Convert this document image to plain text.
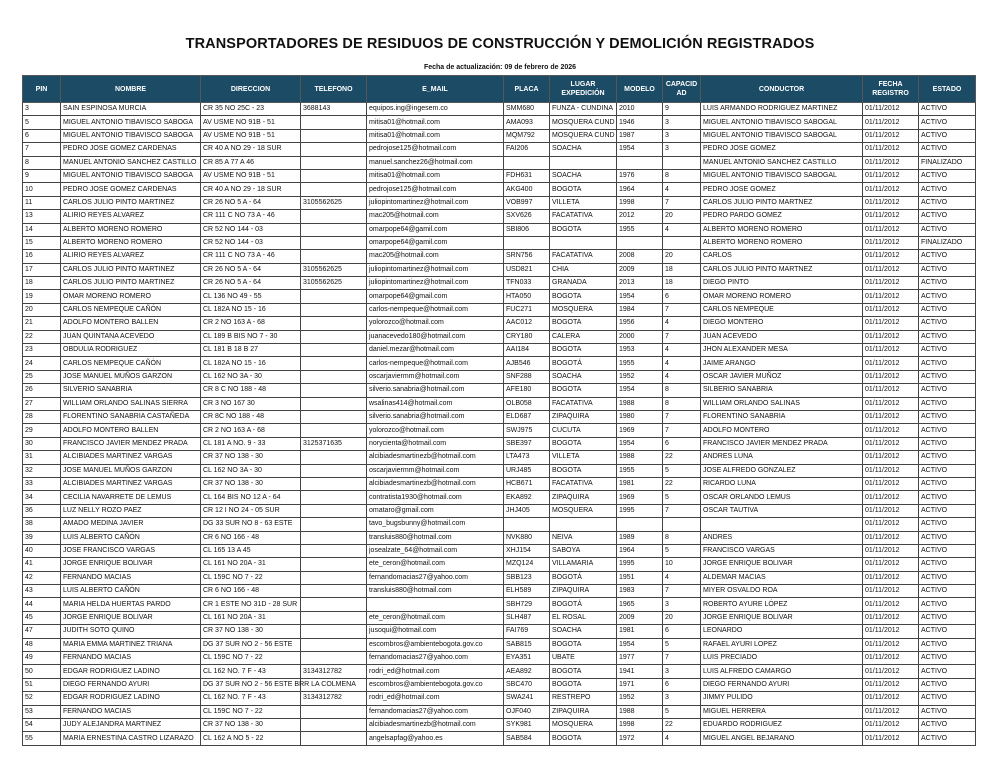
TRANSPORTADORES DE RESIDUOS DE CONSTRUCCIÓN Y DEMOLICIÓN REGISTRADOS
Fecha de actualización: 09 de febrero de 2026
PIN	NOMBRE	DIRECCION	TELEFONO	E_MAIL	PLACA	LUGAR EXPEDICIÓN	MODELO	CAPACID AD	CONDUCTOR	FECHA REGISTRO	ESTADO
3	SAIN ESPINOSA MURCIA	CR 35 NO 25C - 23	3688143	equipos.ing@ingesem.co	SMM680	FUNZA - CUNDINA	2010	9	LUIS ARMANDO RODRIGUEZ MARTINEZ	01/11/2012	ACTIVO
5	MIGUEL ANTONIO TIBAVISCO SABOGA	AV USME NO 91B - 51		mitisa01@hotmail.com	AMA093	MOSQUERA CUND	1946	3	MIGUEL ANTONIO TIBAVISCO SABOGAL	01/11/2012	ACTIVO
6	MIGUEL ANTONIO TIBAVISCO SABOGA	AV USME NO 91B - 51		mitisa01@hotmail.com	MQM792	MOSQUERA CUND	1987	3	MIGUEL ANTONIO TIBAVISCO SABOGAL	01/11/2012	ACTIVO
7	PEDRO JOSE GOMEZ CARDENAS	CR 40 A NO 29 - 18 SUR		pedrojose125@hotmail.com	FAI206	SOACHA	1954	3	PEDRO JOSE GOMEZ	01/11/2012	ACTIVO
8	MANUEL ANTONIO SANCHEZ CASTILLO	CR 85 A 77 A 46		manuel.sanchez26@hotmail.com					MANUEL ANTONIO SANCHEZ CASTILLO	01/11/2012	FINALIZADO
9	MIGUEL ANTONIO TIBAVISCO SABOGA	AV USME NO 91B - 51		mitisa01@hotmail.com	FDH631	SOACHA	1976	8	MIGUEL ANTONIO TIBAVISCO SABOGAL	01/11/2012	ACTIVO
10	PEDRO JOSE GOMEZ CARDENAS	CR 40 A NO 29 - 18 SUR		pedrojose125@hotmail.com	AKG400	BOGOTA	1964	4	PEDRO JOSE GOMEZ	01/11/2012	ACTIVO
11	CARLOS JULIO PINTO MARTINEZ	CR 26 NO 5 A - 64	3105562625	juliopintomartinez@hotmail.com	VOB997	VILLETA	1998	7	CARLOS JULIO PINTO MARTNEZ	01/11/2012	ACTIVO
13	ALIRIO REYES ALVAREZ	CR 111 C NO 73 A - 46		mac205@hotmail.com	SXV626	FACATATIVA	2012	20	PEDRO PARDO GOMEZ	01/11/2012	ACTIVO
14	ALBERTO MORENO ROMERO	CR 52 NO 144 - 03		omarpope64@gamil.com	SBI806	BOGOTA	1955	4	ALBERTO MORENO ROMERO	01/11/2012	ACTIVO
15	ALBERTO MORENO ROMERO	CR 52 NO 144 - 03		omarpope64@gamil.com					ALBERTO MORENO ROMERO	01/11/2012	FINALIZADO
16	ALIRIO REYES ALVAREZ	CR 111 C NO 73 A - 46		mac205@hotmail.com	SRN756	FACATATIVA	2008	20	CARLOS	01/11/2012	ACTIVO
17	CARLOS JULIO PINTO MARTINEZ	CR 26 NO 5 A - 64	3105562625	juliopintomartinez@hotmail.com	USD821	CHIA	2009	18	CARLOS JULIO PINTO MARTNEZ	01/11/2012	ACTIVO
18	CARLOS JULIO PINTO MARTINEZ	CR 26 NO 5 A - 64	3105562625	juliopintomartinez@hotmail.com	TFN033	GRANADA	2013	18	DIEGO PINTO	01/11/2012	ACTIVO
19	OMAR MORENO ROMERO	CL 136 NO 49 - 55		omarpope64@gmail.com	HTA050	BOGOTA	1954	6	OMAR MORENO ROMERO	01/11/2012	ACTIVO
20	CARLOS NEMPEQUE CAÑÓN	CL 182A NO 15 - 16		carlos-nempeque@hotmail.com	FUC271	MOSQUERA	1984	7	CARLOS NEMPEQUE	01/11/2012	ACTIVO
21	ADOLFO MONTERO BALLEN	CR 2 NO 163 A - 68		yolorozco@hotmail.com	AAC012	BOGOTA	1956	4	DIEGO MONTERO	01/11/2012	ACTIVO
22	JUAN QUINTANA ACEVEDO	CL 189 B BIS NO 7 - 30		juanacevedo180@hotmail.com	CRY180	CALERA	2000	7	JUAN ACEVEDO	01/11/2012	ACTIVO
23	OBDULIA RODRIGUEZ	CL 181 B 18 B 27		daniel.mezar@hotmail.com	AAI184	BOGOTA	1953	4	JHON ALEXANDER MESA	01/11/2012	ACTIVO
24	CARLOS NEMPEQUE CAÑÓN	CL 182A NO 15 - 16		carlos-nempeque@hotmail.com	AJB546	BOGOTÁ	1955	4	JAIME ARANGO	01/11/2012	ACTIVO
25	JOSE MANUEL MUÑOS GARZON	CL 162 NO 3A - 30		oscarjaviermm@hotmail.com	SNF288	SOACHA	1952	4	OSCAR JAVIER MUÑOZ	01/11/2012	ACTIVO
26	SILVERIO SANABRIA	CR 8 C NO 188 - 48		silverio.sanabria@hotmail.com	AFE180	BOGOTA	1954	8	SILBERIO SANABRIA	01/11/2012	ACTIVO
27	WILLIAM ORLANDO SALINAS SIERRA	CR 3 NO 167 30		wsalinas414@hotmail.com	OLB058	FACATATIVA	1988	8	WILLIAM ORLANDO SALINAS	01/11/2012	ACTIVO
28	FLORENTINO SANABRIA CASTAÑEDA	CR 8C NO 188 - 48		silverio.sanabria@hotmail.com	ELD687	ZIPAQUIRA	1980	7	FLORENTINO SANABRIA	01/11/2012	ACTIVO
29	ADOLFO MONTERO BALLEN	CR 2 NO 163 A - 68		yolorozco@hotmail.com	SWJ975	CUCUTA	1969	7	ADOLFO MONTERO	01/11/2012	ACTIVO
30	FRANCISCO JAVIER MENDEZ PRADA	CL 181 A NO. 9 - 33	3125371635	norycienta@hotmail.com	SBE397	BOGOTA	1954	6	FRANCISCO JAVIER MENDEZ PRADA	01/11/2012	ACTIVO
31	ALCIBIADES MARTINEZ VARGAS	CR 37 NO 138 - 30		alcibiadesmartinezb@hotmail.com	LTA473	VILLETA	1988	22	ANDRES LUNA	01/11/2012	ACTIVO
32	JOSE MANUEL MUÑOS GARZON	CL 162 NO 3A - 30		oscarjaviermm@hotmail.com	URJ485	BOGOTA	1955	5	JOSE ALFREDO GONZALEZ	01/11/2012	ACTIVO
33	ALCIBIADES MARTINEZ VARGAS	CR 37 NO 138 - 30		alcibiadesmartinezb@hotmail.com	HCB671	FACATATIVA	1981	22	RICARDO LUNA	01/11/2012	ACTIVO
34	CECILIA NAVARRETE DE LEMUS	CL 164 BIS NO 12 A - 64		contratista1930@hotmail.com	EKA892	ZIPAQUIRA	1969	5	OSCAR ORLANDO LEMUS	01/11/2012	ACTIVO
36	LUZ NELLY ROZO PAEZ	CR 12 I NO 24 - 05 SUR		omataro@gmail.com	JHJ405	MOSQUERA	1995	7	OSCAR TAUTIVA	01/11/2012	ACTIVO
38	AMADO MEDINA JAVIER	DG 33 SUR NO 8 - 63 ESTE		tavo_bugsbunny@hotmail.com						01/11/2012	ACTIVO
39	LUIS ALBERTO CAÑÓN	CR 6 NO 166 - 48		transluis880@hotmail.com	NVK880	NEIVA	1989	8	ANDRES	01/11/2012	ACTIVO
40	JOSE FRANCISCO VARGAS	CL 165 13 A 45		josealzate_64@hotmail.com	XHJ154	SABOYA	1964	5	FRANCISCO VARGAS	01/11/2012	ACTIVO
41	JORGE ENRIQUE BOLIVAR	CL 161 NO 20A - 31		ete_ceron@hotmail.com	MZQ124	VILLAMARIA	1995	10	JORGE ENRIQUE BOLIVAR	01/11/2012	ACTIVO
42	FERNANDO MACIAS	CL 159C NO 7 - 22		fernandomacias27@yahoo.com	SBB123	BOGOTÁ	1951	4	ALDEMAR MACIAS	01/11/2012	ACTIVO
43	LUIS ALBERTO CAÑÓN	CR 6 NO 166 - 48		transluis880@hotmail.com	ELH589	ZIPAQUIRA	1983	7	MIYER OSVALDO ROA	01/11/2012	ACTIVO
44	MARIA HELDA HUERTAS PARDO	CR 1 ESTE NO 31D - 28 SUR			SBH729	BOGOTÁ	1965	3	ROBERTO AYURE LÓPEZ	01/11/2012	ACTIVO
45	JORGE ENRIQUE BOLIVAR	CL 161 NO 20A - 31		ete_ceron@hotmail.com	SLH487	EL ROSAL	2009	20	JORGE ENRIQUE BOLIVAR	01/11/2012	ACTIVO
47	JUDITH SOTO QUINO	CR 37 NO 138 - 30		jusoqui@hotmail.com	FAI769	SOACHA	1981	6	LEONARDO	01/11/2012	ACTIVO
48	MARIA EMMA MARTINEZ TRIANA	DG 37 SUR NO 2 - 56 ESTE		escombros@ambientebogota.gov.co	SAB815	BOGOTA	1954	5	RAFAEL AYURI LOPEZ	01/11/2012	ACTIVO
49	FERNANDO MACIAS	CL 159C NO 7 - 22		fernandomacias27@yahoo.com	EYA351	UBATE	1977	7	LUIS PRECIADO	01/11/2012	ACTIVO
50	EDGAR RODRIGUEZ LADINO	CL 162 NO. 7 F - 43	3134312782	rodri_ed@hotmail.com	AEA892	BOGOTA	1941	3	LUIS ALFREDO CAMARGO	01/11/2012	ACTIVO
51	DIEGO FERNANDO AYURI	DG 37 SUR NO 2 - 56 ESTE BRR LA COLMENA		escombros@ambientebogota.gov.co	SBC470	BOGOTA	1971	6	DIEGO FERNANDO AYURI	01/11/2012	ACTIVO
52	EDGAR RODRIGUEZ LADINO	CL 162 NO. 7 F - 43	3134312782	rodri_ed@hotmail.com	SWA241	RESTREPO	1952	3	JIMMY PULIDO	01/11/2012	ACTIVO
53	FERNANDO MACIAS	CL 159C NO 7 - 22		fernandomacias27@yahoo.com	OJF040	ZIPAQUIRA	1988	5	MIGUEL HERRERA	01/11/2012	ACTIVO
54	JUDY ALEJANDRA MARTINEZ	CR 37 NO 138 - 30		alcibiadesmartinezb@hotmail.com	SYK981	MOSQUERA	1998	22	EDUARDO RODRIGUEZ	01/11/2012	ACTIVO
55	MARIA ERNESTINA CASTRO LIZARAZO	CL 162 A NO 5 - 22		angelsapfag@yahoo.es	SAB584	BOGOTA	1972	4	MIGUEL ANGEL BEJARANO	01/11/2012	ACTIVO
